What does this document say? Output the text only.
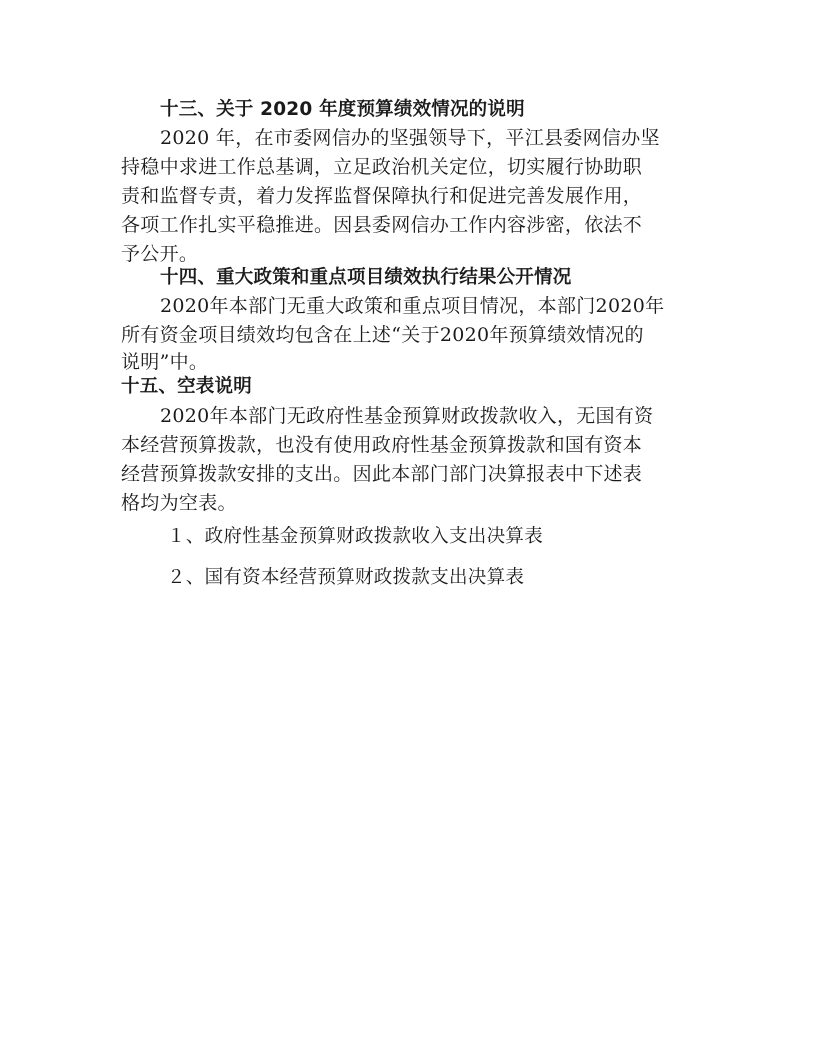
十三、关于 2020 年度预算绩效情况的说明
2020 年，在市委网信办的坚强领导下，平江县委网信办坚
持稳中求进工作总基调，立足政治机关定位，切实履行协助职
责和监督专责，着力发挥监督保障执行和促进完善发展作用，
各项工作扎实平稳推进。因县委网信办工作内容涉密，依法不
予公开。
十四、重大政策和重点项目绩效执行结果公开情况
2020年本部门无重大政策和重点项目情况，本部门2020年
所有资金项目绩效均包含在上述“关于2020年预算绩效情况的
说明”中。
十五、空表说明
2020年本部门无政府性基金预算财政拨款收入，无国有资
本经营预算拨款，也没有使用政府性基金预算拨款和国有资本
经营预算拨款安排的支出。因此本部门部门决算报表中下述表
格均为空表。
１、政府性基金预算财政拨款收入支出决算表
２、国有资本经营预算财政拨款支出决算表
